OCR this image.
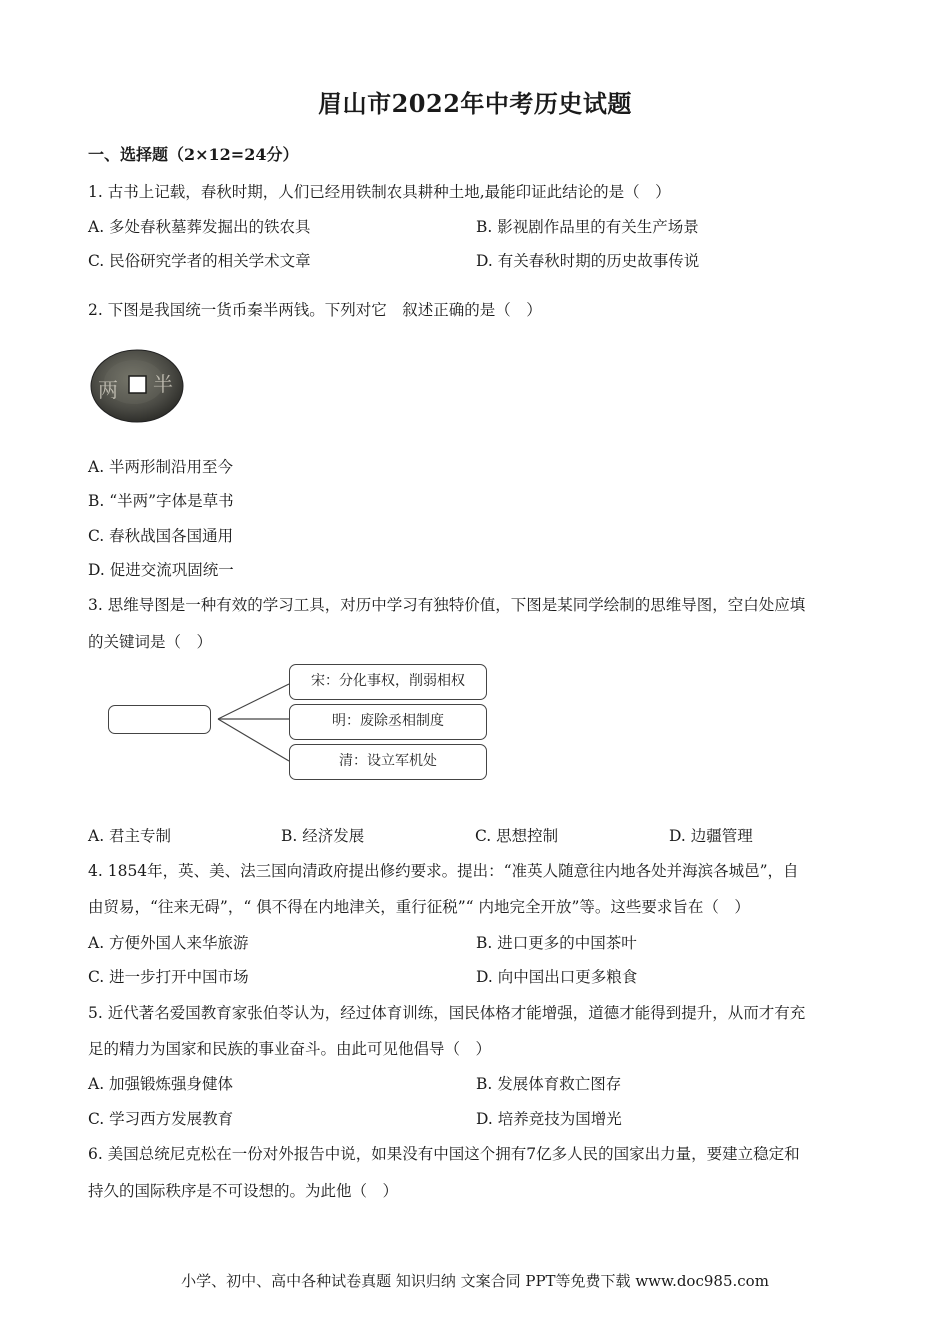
眉山市2022年中考历史试题
一、选择题（2×12=24分）
1. 古书上记载，春秋时期，人们已经用铁制农具耕种土地,最能印证此结论的是（　）
A. 多处春秋墓葬发掘出的铁农具	B. 影视剧作品里的有关生产场景
C. 民俗研究学者的相关学术文章	D. 有关春秋时期的历史故事传说
2. 下图是我国统一货币秦半两钱。下列对它　叙述正确的是（　）
两 半
A. 半两形制沿用至今
B. “半两”字体是草书
C. 春秋战国各国通用
D. 促进交流巩固统一
3. 思维导图是一种有效的学习工具，对历中学习有独特价值，下图是某同学绘制的思维导图，空白处应填
的关键词是（　）
宋：分化事权，削弱相权
明：废除丞相制度
清：设立军机处
A. 君主专制	B. 经济发展	C. 思想控制	D. 边疆管理
4. 1854年，英、美、法三国向清政府提出修约要求。提出：“准英人随意往内地各处并海滨各城邑”，自
由贸易，“往来无碍”，“ 俱不得在内地津关，重行征税”“ 内地完全开放”等。这些要求旨在（　）
A. 方便外国人来华旅游	B. 进口更多的中国茶叶
C. 进一步打开中国市场	D. 向中国出口更多粮食
5. 近代著名爱国教育家张伯苓认为，经过体育训练，国民体格才能增强，道德才能得到提升，从而才有充
足的精力为国家和民族的事业奋斗。由此可见他倡导（　）
A. 加强锻炼强身健体	B. 发展体育救亡图存
C. 学习西方发展教育	D. 培养竞技为国增光
6. 美国总统尼克松在一份对外报告中说，如果没有中国这个拥有7亿多人民的国家出力量，要建立稳定和
持久的国际秩序是不可设想的。为此他（　）
小学、初中、高中各种试卷真题 知识归纳 文案合同 PPT等免费下载 www.doc985.com
